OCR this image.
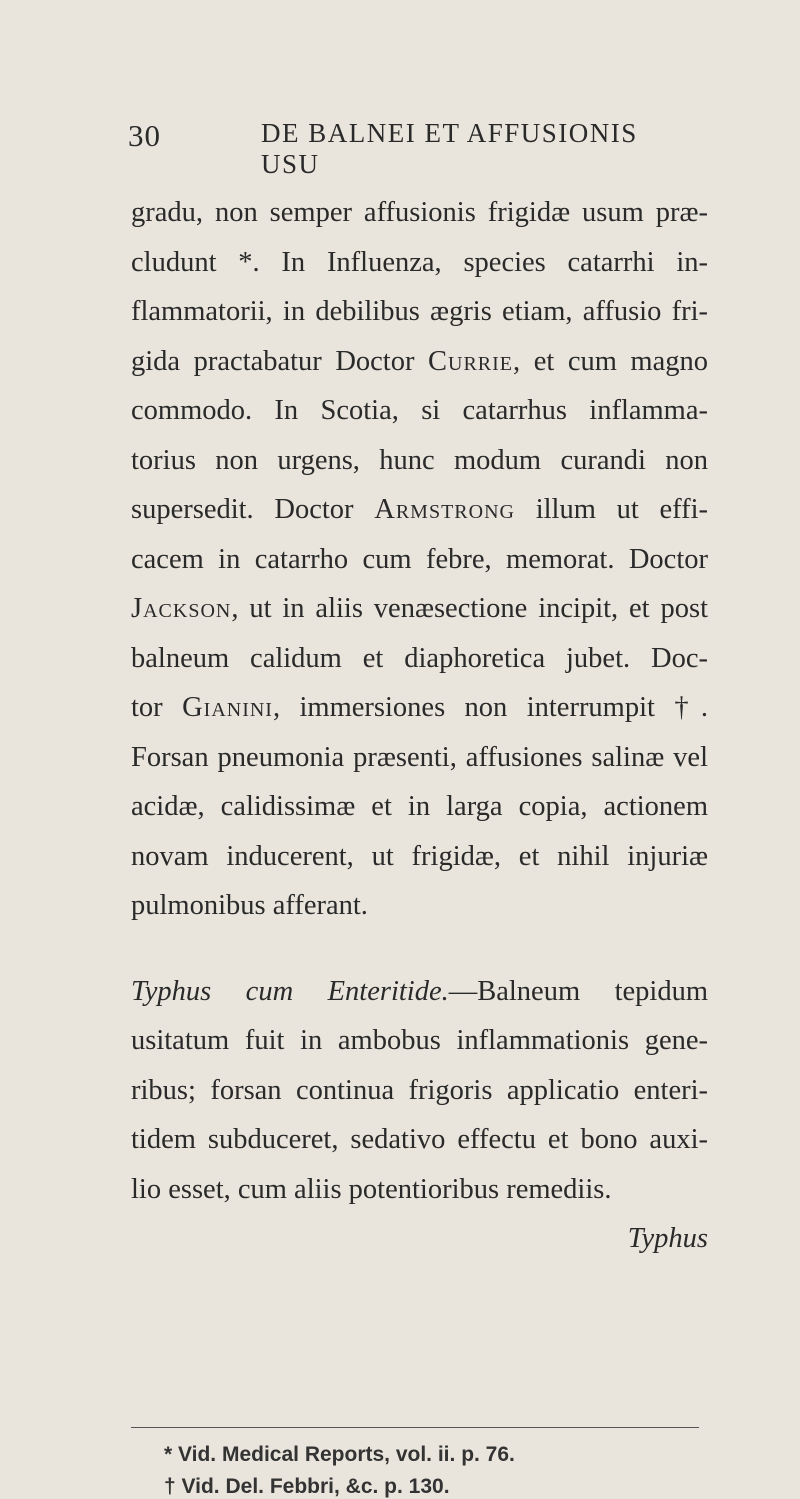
30	DE BALNEI ET AFFUSIONIS USU
gradu, non semper affusionis frigidæ usum præ-
cludunt *. In Influenza, species catarrhi in-
flammatorii, in debilibus ægris etiam, affusio fri-
gida practabatur Doctor Currie, et cum magno
commodo. In Scotia, si catarrhus inflamma-
torius non urgens, hunc modum curandi non
supersedit. Doctor Armstrong illum ut effi-
cacem in catarrho cum febre, memorat. Doctor
Jackson, ut in aliis venæsectione incipit, et post
balneum calidum et diaphoretica jubet. Doc-
tor Gianini, immersiones non interrumpit †.
Forsan pneumonia præsenti, affusiones salinæ vel
acidæ, calidissimæ et in larga copia, actionem
novam inducerent, ut frigidæ, et nihil injuriæ
pulmonibus afferant.
Typhus cum Enteritide.—Balneum tepidum
usitatum fuit in ambobus inflammationis gene-
ribus; forsan continua frigoris applicatio enteri-
tidem subduceret, sedativo effectu et bono auxi-
lio esset, cum aliis potentioribus remediis.
Typhus
* Vid. Medical Reports, vol. ii. p. 76.
† Vid. Del. Febbri, &c. p. 130.
